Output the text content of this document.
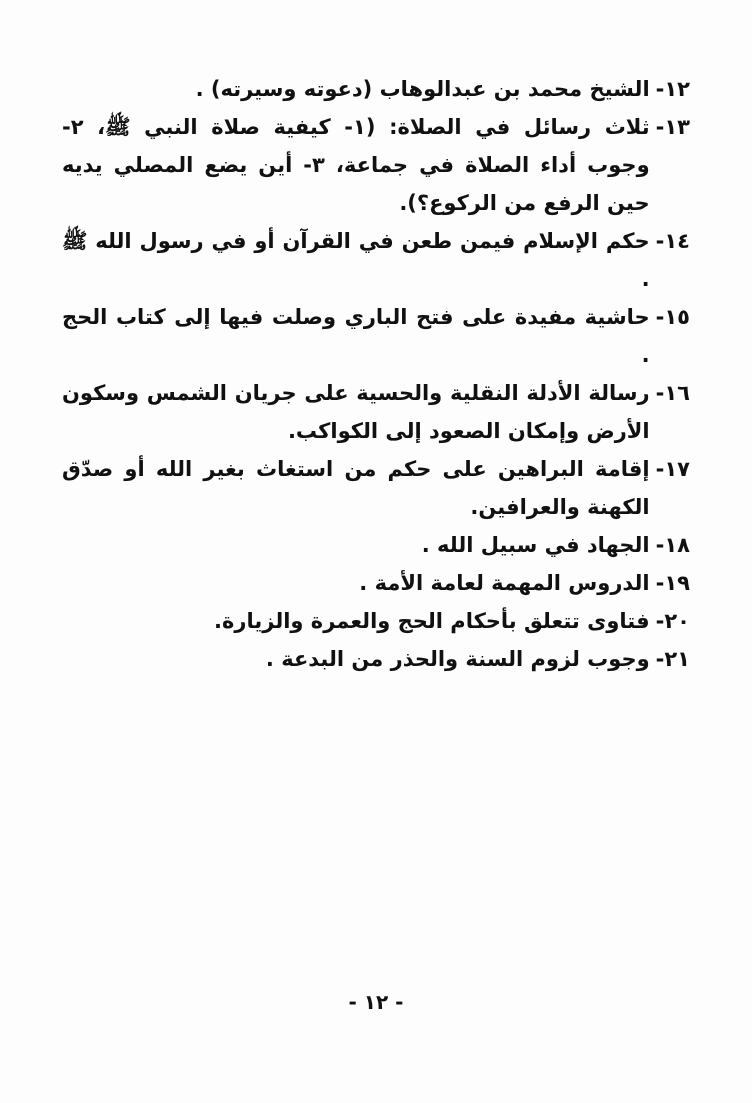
١٢-
الشيخ محمد بن عبدالوهاب (دعوته وسيرته) .
١٣-
ثلاث رسائل في الصلاة: (١- كيفية صلاة النبي ﷺ، ٢- وجوب أداء الصلاة في جماعة، ٣- أين يضع المصلي يديه حين الرفع من الركوع؟).
١٤-
حكم الإسلام فيمن طعن في القرآن أو في رسول الله ﷺ .
١٥-
حاشية مفيدة على فتح الباري وصلت فيها إلى كتاب الحج .
١٦-
رسالة الأدلة النقلية والحسية على جريان الشمس وسكون الأرض وإمكان الصعود إلى الكواكب.
١٧-
إقامة البراهين على حكم من استغاث بغير الله أو صدّق الكهنة والعرافين.
١٨-
الجهاد في سبيل الله .
١٩-
الدروس المهمة لعامة الأمة .
٢٠-
فتاوى تتعلق بأحكام الحج والعمرة والزيارة.
٢١-
وجوب لزوم السنة والحذر من البدعة .
- ١٢ -
